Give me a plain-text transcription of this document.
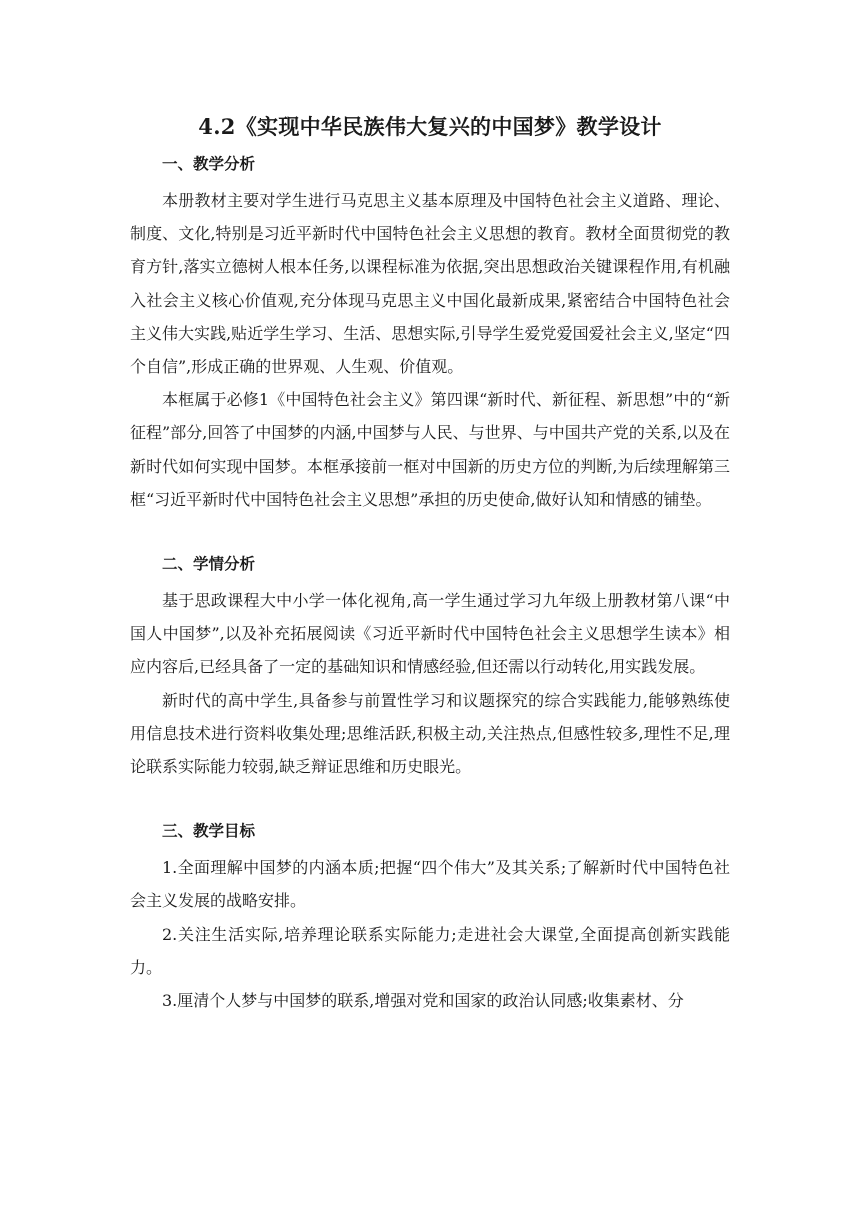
4.2《实现中华民族伟大复兴的中国梦》教学设计

一、教学分析

本册教材主要对学生进行马克思主义基本原理及中国特色社会主义道路、理论、制度、文化,特别是习近平新时代中国特色社会主义思想的教育。教材全面贯彻党的教育方针,落实立德树人根本任务,以课程标准为依据,突出思想政治关键课程作用,有机融入社会主义核心价值观,充分体现马克思主义中国化最新成果,紧密结合中国特色社会主义伟大实践,贴近学生学习、生活、思想实际,引导学生爱党爱国爱社会主义,坚定“四个自信”,形成正确的世界观、人生观、价值观。

本框属于必修1《中国特色社会主义》第四课“新时代、新征程、新思想”中的“新征程”部分,回答了中国梦的内涵,中国梦与人民、与世界、与中国共产党的关系,以及在新时代如何实现中国梦。本框承接前一框对中国新的历史方位的判断,为后续理解第三框“习近平新时代中国特色社会主义思想”承担的历史使命,做好认知和情感的铺垫。

二、学情分析

基于思政课程大中小学一体化视角,高一学生通过学习九年级上册教材第八课“中国人中国梦”,以及补充拓展阅读《习近平新时代中国特色社会主义思想学生读本》相应内容后,已经具备了一定的基础知识和情感经验,但还需以行动转化,用实践发展。

新时代的高中学生,具备参与前置性学习和议题探究的综合实践能力,能够熟练使用信息技术进行资料收集处理;思维活跃,积极主动,关注热点,但感性较多,理性不足,理论联系实际能力较弱,缺乏辩证思维和历史眼光。

三、教学目标

1.全面理解中国梦的内涵本质;把握“四个伟大”及其关系;了解新时代中国特色社会主义发展的战略安排。

2.关注生活实际,培养理论联系实际能力;走进社会大课堂,全面提高创新实践能力。

3.厘清个人梦与中国梦的联系,增强对党和国家的政治认同感;收集素材、分
